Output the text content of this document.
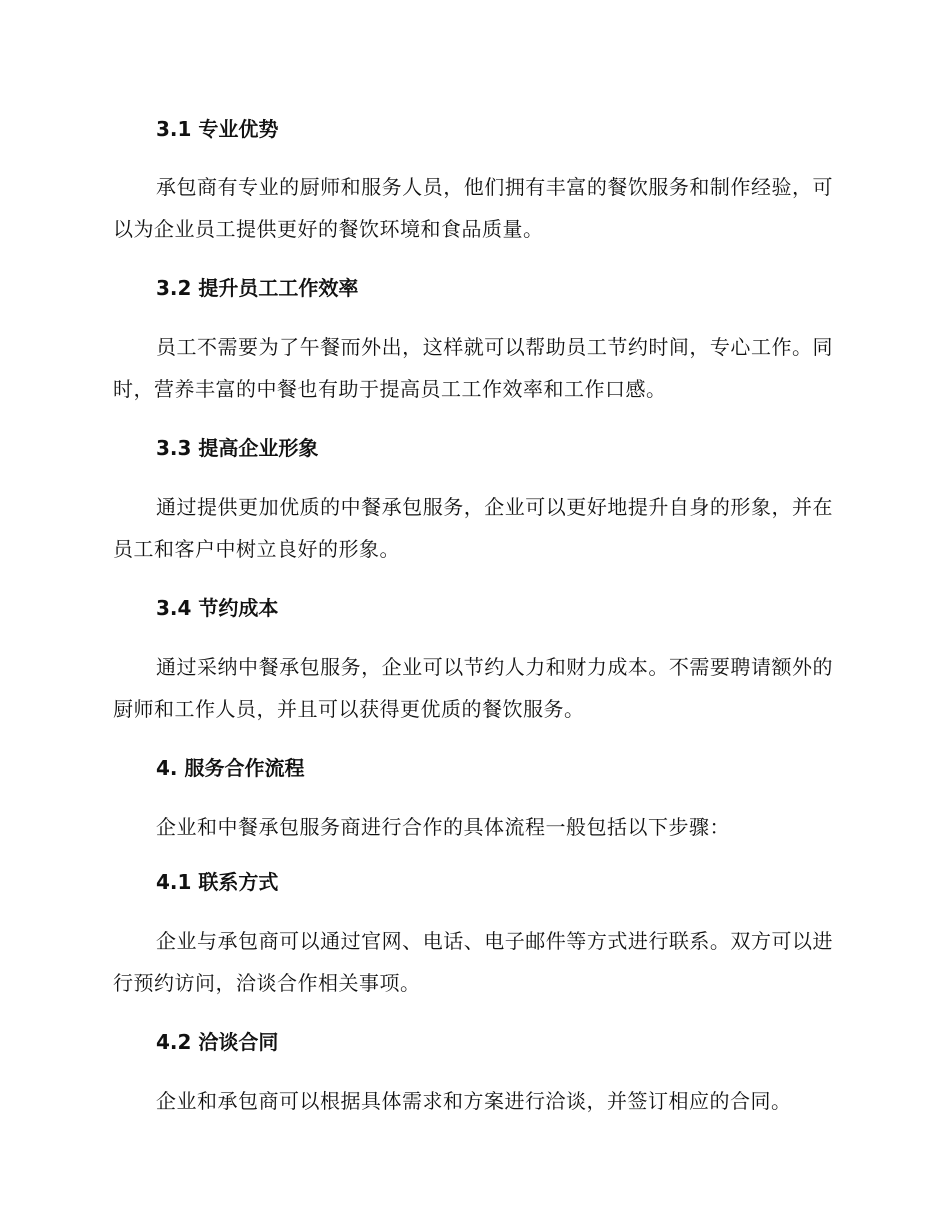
3.1 专业优势
承包商有专业的厨师和服务人员，他们拥有丰富的餐饮服务和制作经验，可以为企业员工提供更好的餐饮环境和食品质量。
3.2 提升员工工作效率
员工不需要为了午餐而外出，这样就可以帮助员工节约时间，专心工作。同时，营养丰富的中餐也有助于提高员工工作效率和工作口感。
3.3 提高企业形象
通过提供更加优质的中餐承包服务，企业可以更好地提升自身的形象，并在员工和客户中树立良好的形象。
3.4 节约成本
通过采纳中餐承包服务，企业可以节约人力和财力成本。不需要聘请额外的厨师和工作人员，并且可以获得更优质的餐饮服务。
4. 服务合作流程
企业和中餐承包服务商进行合作的具体流程一般包括以下步骤：
4.1 联系方式
企业与承包商可以通过官网、电话、电子邮件等方式进行联系。双方可以进行预约访问，洽谈合作相关事项。
4.2 洽谈合同
企业和承包商可以根据具体需求和方案进行洽谈，并签订相应的合同。
